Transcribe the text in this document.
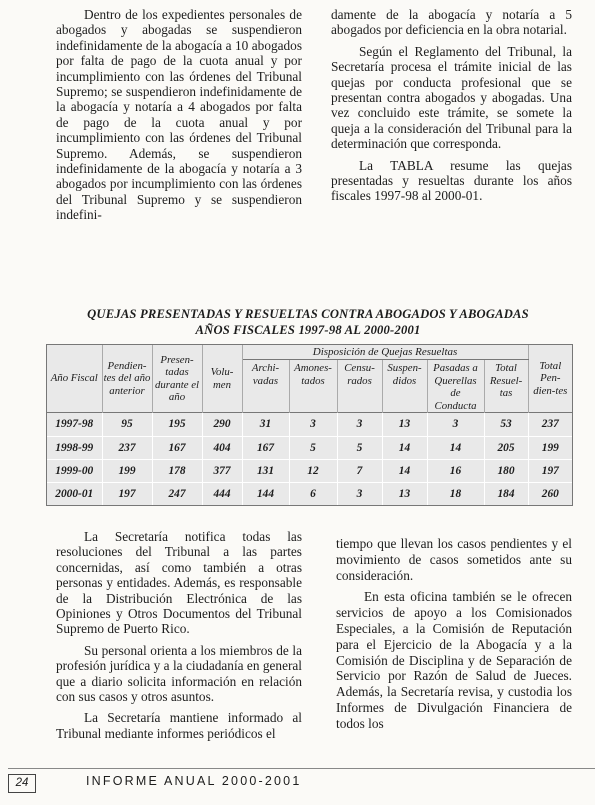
Dentro de los expedientes personales de abogados y abogadas se suspendieron indefinidamente de la abogacía a 10 abogados por falta de pago de la cuota anual y por incumplimiento con las órdenes del Tribunal Supremo; se suspendieron indefinidamente de la abogacía y notaría a 4 abogados por falta de pago de la cuota anual y por incumplimiento con las órdenes del Tribunal Supremo. Además, se suspendieron indefinidamente de la abogacía y notaría a 3 abogados por incumplimiento con las órdenes del Tribunal Supremo y se suspendieron indefini-

damente de la abogacía y notaría a 5 abogados por deficiencia en la obra notarial.

Según el Reglamento del Tribunal, la Secretaría procesa el trámite inicial de las quejas por conducta profesional que se presentan contra abogados y abogadas. Una vez concluido este trámite, se somete la queja a la consideración del Tribunal para la determinación que corresponda.

La TABLA resume las quejas presentadas y resueltas durante los años fiscales 1997-98 al 2000-01.

QUEJAS PRESENTADAS Y RESUELTAS CONTRA ABOGADOS Y ABOGADAS
AÑOS FISCALES 1997-98 AL 2000-2001
Año Fiscal	Pendien-tes del año anterior	Presen-tadas durante el año	Volu-men	Disposición de Quejas Resueltas						Total Pen-dien-tes
				Archi-vadas	Amones-tados	Censu-rados	Suspen-didos	Pasadas a Querellas de Conducta	Total Resuel-tas	
1997-98	95	195	290	31	3	3	13	3	53	237
1998-99	237	167	404	167	5	5	14	14	205	199
1999-00	199	178	377	131	12	7	14	16	180	197
2000-01	197	247	444	144	6	3	13	18	184	260

La Secretaría notifica todas las resoluciones del Tribunal a las partes concernidas, así como también a otras personas y entidades. Además, es responsable de la Distribución Electrónica de las Opiniones y Otros Documentos del Tribunal Supremo de Puerto Rico.

Su personal orienta a los miembros de la profesión jurídica y a la ciudadanía en general que a diario solicita información en relación con sus casos y otros asuntos.

La Secretaría mantiene informado al Tribunal mediante informes periódicos el

tiempo que llevan los casos pendientes y el movimiento de casos sometidos ante su consideración.

En esta oficina también se le ofrecen servicios de apoyo a los Comisionados Especiales, a la Comisión de Reputación para el Ejercicio de la Abogacía y a la Comisión de Disciplina y de Separación de Servicio por Razón de Salud de Jueces. Además, la Secretaría revisa, y custodia los Informes de Divulgación Financiera de todos los

24	INFORME ANUAL 2000-2001
